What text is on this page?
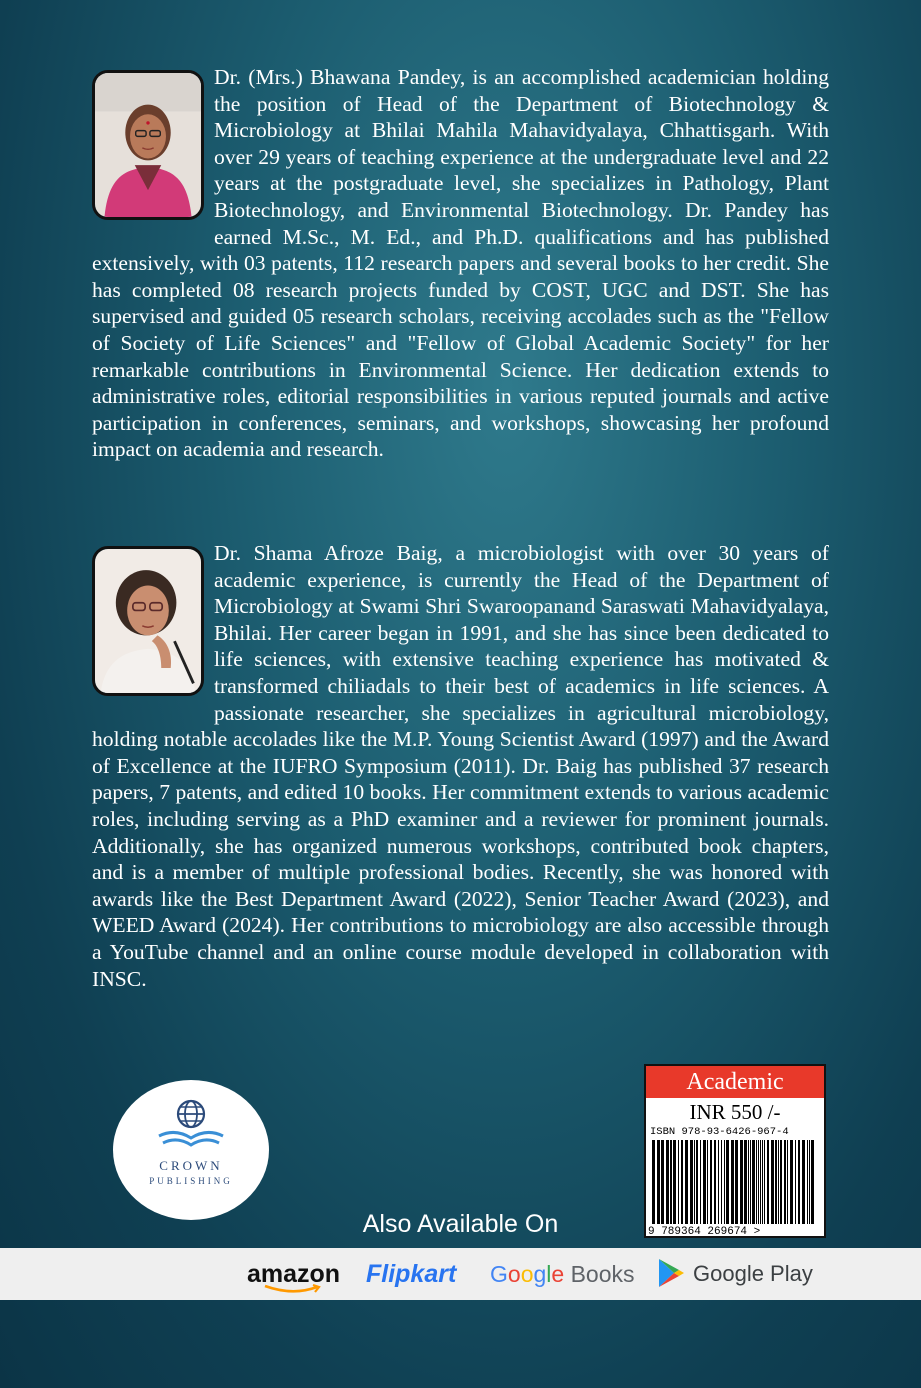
Dr. (Mrs.) Bhawana Pandey, is an accomplished academician holding the position of Head of the Department of Biotechnology & Microbiology at Bhilai Mahila Mahavidyalaya, Chhattisgarh. With over 29 years of teaching experience at the undergraduate level and 22 years at the postgraduate level, she specializes in Pathology, Plant Biotechnology, and Environmental Biotechnology. Dr. Pandey has earned M.Sc., M. Ed., and Ph.D. qualifications and has published extensively, with 03 patents, 112 research papers and several books to her credit. She has completed 08 research projects funded by COST, UGC and DST. She has supervised and guided 05 research scholars, receiving accolades such as the "Fellow of Society of Life Sciences" and "Fellow of Global Academic Society" for her remarkable contributions in Environmental Science. Her dedication extends to administrative roles, editorial responsibilities in various reputed journals and active participation in conferences, seminars, and workshops, showcasing her profound impact on academia and research.

Dr. Shama Afroze Baig, a microbiologist with over 30 years of academic experience, is currently the Head of the Department of Microbiology at Swami Shri Swaroopanand Saraswati Mahavidyalaya, Bhilai. Her career began in 1991, and she has since been dedicated to life sciences, with extensive teaching experience has motivated & transformed chiliadals to their best of academics in life sciences. A passionate researcher, she specializes in agricultural microbiology, holding notable accolades like the M.P. Young Scientist Award (1997) and the Award of Excellence at the IUFRO Symposium (2011). Dr. Baig has published 37 research papers, 7 patents, and edited 10 books. Her commitment extends to various academic roles, including serving as a PhD examiner and a reviewer for prominent journals. Additionally, she has organized numerous workshops, contributed book chapters, and is a member of multiple professional bodies. Recently, she was honored with awards like the Best Department Award (2022), Senior Teacher Award (2023), and WEED Award (2024). Her contributions to microbiology are also accessible through a YouTube channel and an online course module developed in collaboration with INSC.

CROWN
PUBLISHING
Academic
INR 550 /-
ISBN 978-93-6426-967-4
9 789364 269674 >
Also Available On
amazon Flipkart Google Books	Google Play
